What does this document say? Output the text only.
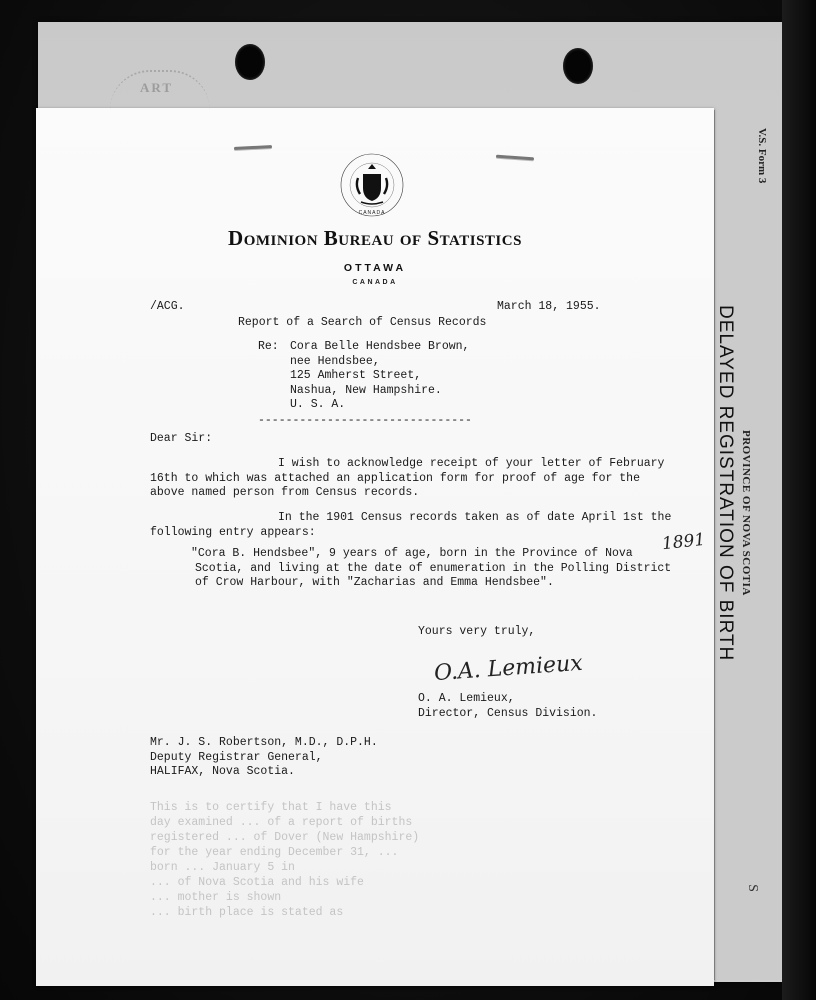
ART
V.S. Form 3
DELAYED REGISTRATION OF BIRTH PROVINCE OF NOVA SCOTIA
S
This is to certify that I have this
day examined ... of a report of births
registered ... of Dover (New Hampshire)
for the year ending December 31, ...
born ... January 5 in
... of Nova Scotia and his wife
... mother is shown
... birth place is stated as
CANADA
Dominion Bureau of Statistics
OTTAWA
CANADA
/ACG.	March 18, 1955.
Report of a Search of Census Records
Re: Cora Belle Hendsbee Brown,
nee Hendsbee,
125 Amherst Street,
Nashua, New Hampshire.
U. S. A.
-------------------------------
Dear Sir:
I wish to acknowledge receipt of your letter of February
16th to which was attached an application form for proof of age for the
above named person from Census records.
In the 1901 Census records taken as of date April 1st the
following entry appears:
"Cora B. Hendsbee", 9 years of age, born in the Province of Nova
Scotia, and living at the date of enumeration in the Polling District
of Crow Harbour, with "Zacharias and Emma Hendsbee".
1891
Yours very truly,
O.A. Lemieux
O. A. Lemieux,
Director, Census Division.
Mr. J. S. Robertson, M.D., D.P.H.
Deputy Registrar General,
HALIFAX, Nova Scotia.
